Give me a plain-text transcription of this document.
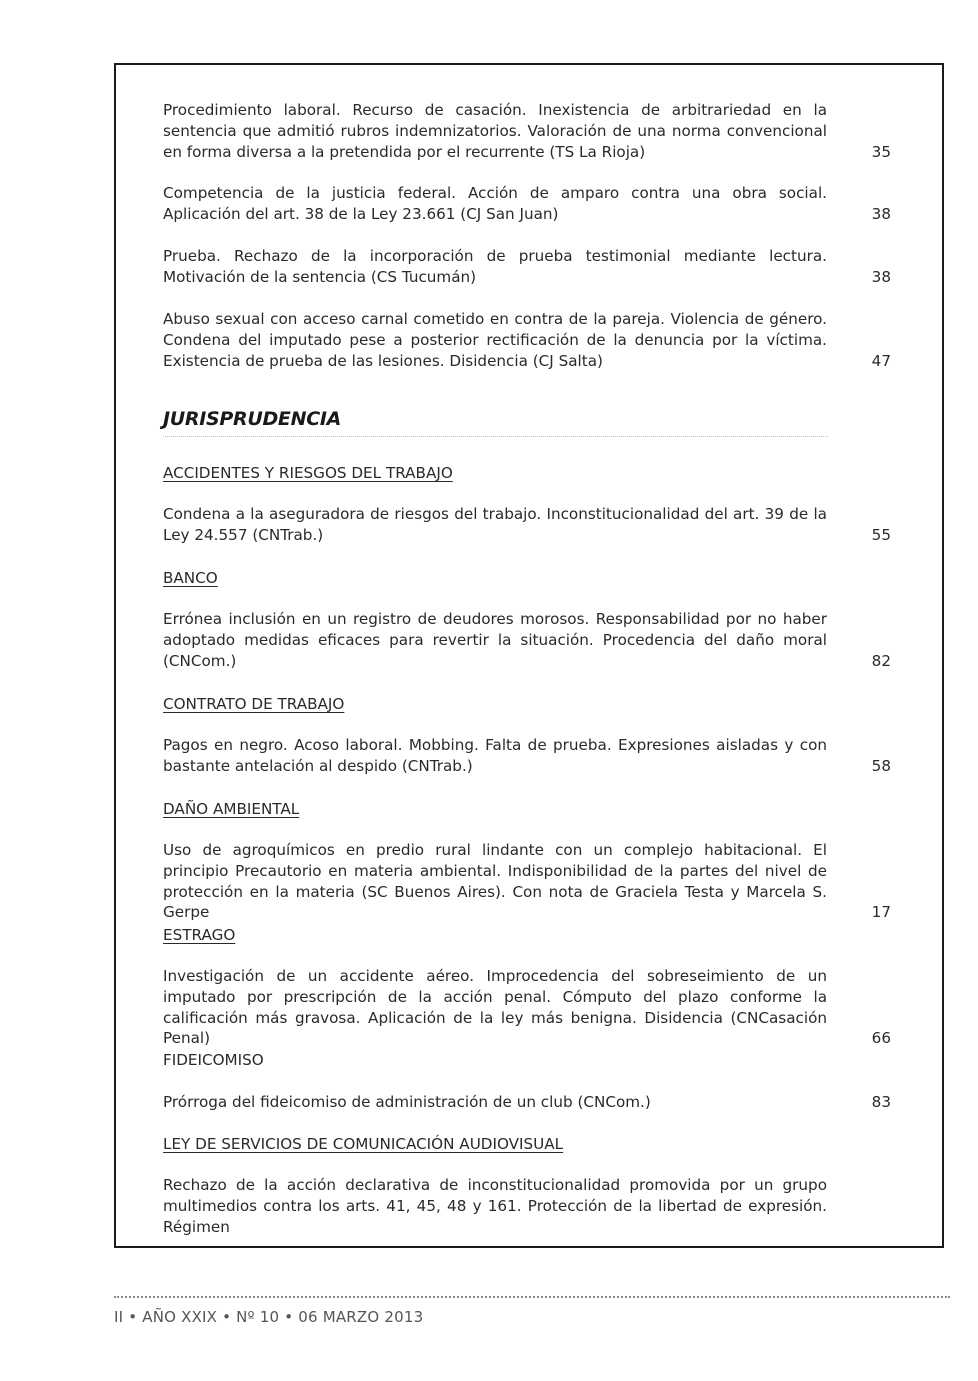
Procedimiento laboral. Recurso de casación. Inexistencia de arbitrariedad en la sentencia que admitió rubros indemnizatorios. Valoración de una norma convencional en forma diversa a la pretendida por el recurrente (TS La Rioja)	35
Competencia de la justicia federal. Acción de amparo contra una obra social. Aplicación del art. 38 de la Ley 23.661 (CJ San Juan)	38
Prueba. Rechazo de la incorporación de prueba testimonial mediante lectura. Motivación de la sentencia (CS Tucumán)	38
Abuso sexual con acceso carnal cometido en contra de la pareja. Violencia de género. Condena del imputado pese a posterior rectificación de la denuncia por la víctima. Existencia de prueba de las lesiones. Disidencia (CJ Salta)	47
JURISPRUDENCIA
ACCIDENTES Y RIESGOS DEL TRABAJO
Condena a la aseguradora de riesgos del trabajo. Inconstitucionalidad del art. 39 de la Ley 24.557 (CNTrab.)	55
BANCO
Errónea inclusión en un registro de deudores morosos. Responsabilidad por no haber adoptado medidas eficaces para revertir la situación. Procedencia del daño moral (CNCom.)	82
CONTRATO DE TRABAJO
Pagos en negro. Acoso laboral. Mobbing. Falta de prueba. Expresiones aisladas y con bastante antelación al despido (CNTrab.)	58
DAÑO AMBIENTAL
Uso de agroquímicos en predio rural lindante con un complejo habitacional. El principio Precautorio en materia ambiental. Indisponibilidad de la partes del nivel de protección en la materia (SC Buenos Aires). Con nota de Graciela Testa y Marcela S. Gerpe	17
ESTRAGO
Investigación de un accidente aéreo. Improcedencia del sobreseimiento de un imputado por prescripción de la acción penal. Cómputo del plazo conforme la calificación más gravosa. Aplicación de la ley más benigna. Disidencia (CNCasación Penal)	66
FIDEICOMISO
Prórroga del fideicomiso de administración de un club (CNCom.)	83
LEY DE SERVICIOS DE COMUNICACIÓN AUDIOVISUAL
Rechazo de la acción declarativa de inconstitucionalidad promovida por un grupo multimedios contra los arts. 41, 45, 48 y 161. Protección de la libertad de expresión. Régimen
II • AÑO XXIX • Nº 10 • 06 MARZO 2013
